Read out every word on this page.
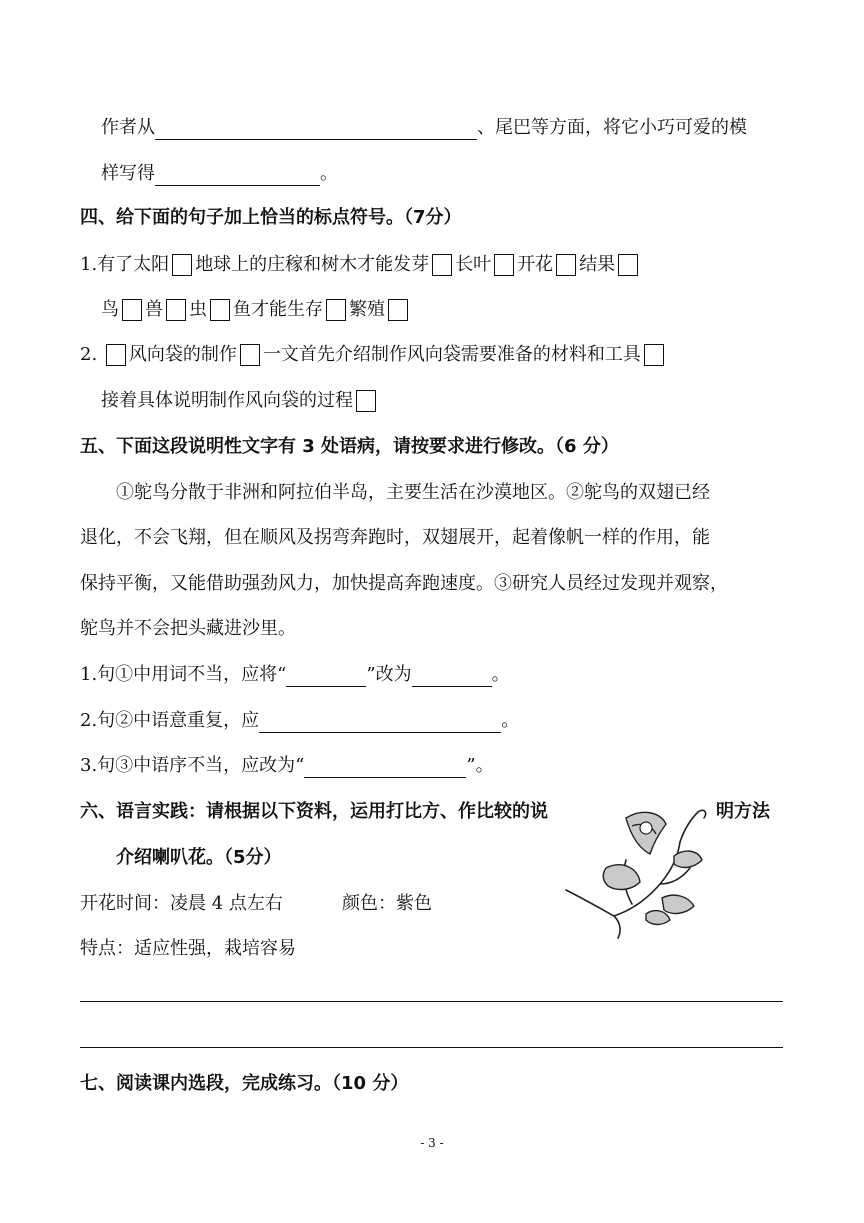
作者从	、尾巴等方面，将它小巧可爱的模
样写得	。
四、给下面的句子加上恰当的标点符号。（7分）
1.有了太阳 地球上的庄稼和树木才能发芽 长叶 开花 结果
鸟 兽 虫 鱼才能生存 繁殖
2. 风向袋的制作 一文首先介绍制作风向袋需要准备的材料和工具
接着具体说明制作风向袋的过程
五、下面这段说明性文字有 3 处语病，请按要求进行修改。（6 分）
①鸵鸟分散于非洲和阿拉伯半岛，主要生活在沙漠地区。②鸵鸟的双翅已经
退化，不会飞翔，但在顺风及拐弯奔跑时，双翅展开，起着像帆一样的作用，能
保持平衡，又能借助强劲风力，加快提高奔跑速度。③研究人员经过发现并观察，
鸵鸟并不会把头藏进沙里。
1.句①中用词不当，应将“	”改为	。
2.句②中语意重复，应	。
3.句③中语序不当，应改为“	”。
六、语言实践：请根据以下资料，运用打比方、作比较的说	明方法
介绍喇叭花。（5分）
开花时间：凌晨 4 点左右	颜色：紫色
特点：适应性强，栽培容易
七、阅读课内选段，完成练习。（10 分）
- 3 -
